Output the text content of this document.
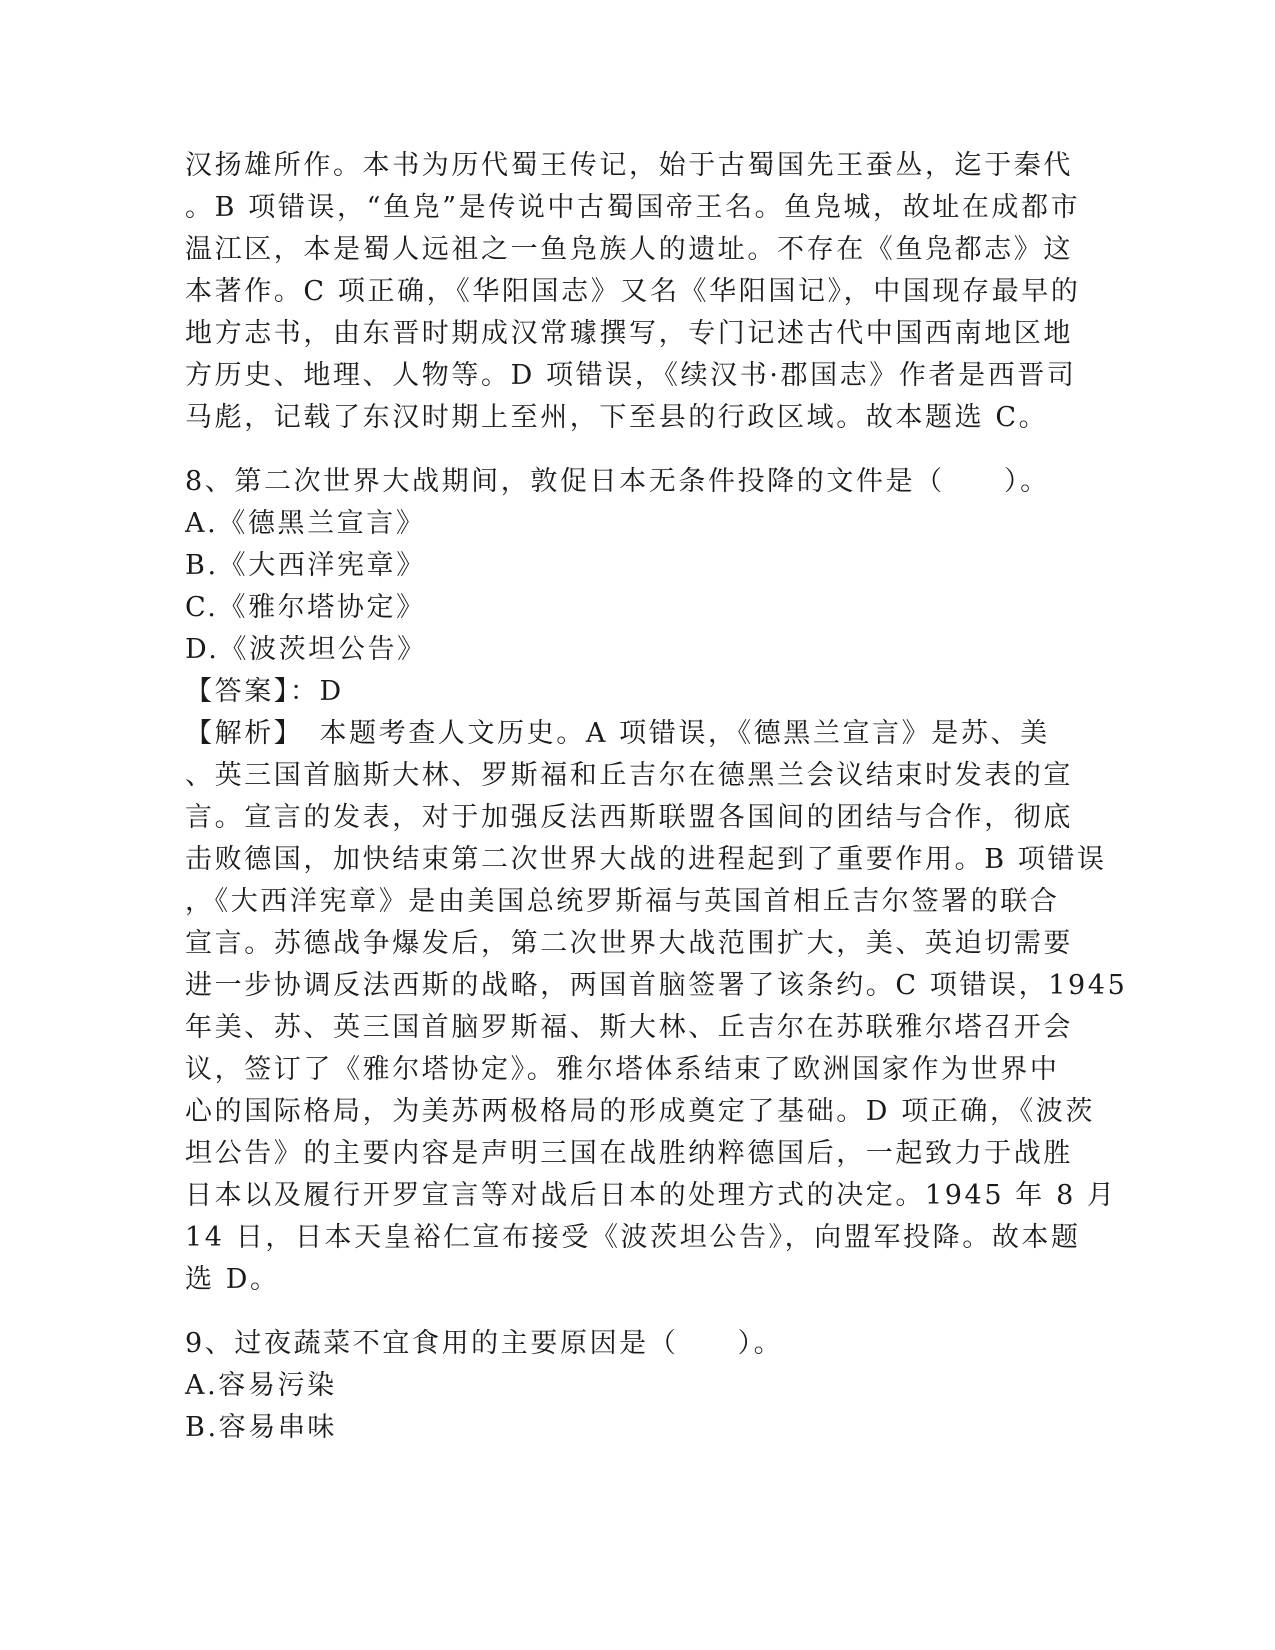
汉扬雄所作。本书为历代蜀王传记，始于古蜀国先王蚕丛，迄于秦代
。B 项错误，“鱼凫”是传说中古蜀国帝王名。鱼凫城，故址在成都市
温江区，本是蜀人远祖之一鱼凫族人的遗址。不存在《鱼凫都志》这
本著作。C 项正确，《华阳国志》又名《华阳国记》，中国现存最早的
地方志书，由东晋时期成汉常璩撰写，专门记述古代中国西南地区地
方历史、地理、人物等。D 项错误，《续汉书·郡国志》作者是西晋司
马彪，记载了东汉时期上至州，下至县的行政区域。故本题选 C。
8、第二次世界大战期间，敦促日本无条件投降的文件是（　　）。
A.《德黑兰宣言》
B.《大西洋宪章》
C.《雅尔塔协定》
D.《波茨坦公告》
【答案】：D
【解析】　本题考查人文历史。A 项错误，《德黑兰宣言》是苏、美
、英三国首脑斯大林、罗斯福和丘吉尔在德黑兰会议结束时发表的宣
言。宣言的发表，对于加强反法西斯联盟各国间的团结与合作，彻底
击败德国，加快结束第二次世界大战的进程起到了重要作用。B 项错误
，《大西洋宪章》是由美国总统罗斯福与英国首相丘吉尔签署的联合
宣言。苏德战争爆发后，第二次世界大战范围扩大，美、英迫切需要
进一步协调反法西斯的战略，两国首脑签署了该条约。C 项错误，1945
年美、苏、英三国首脑罗斯福、斯大林、丘吉尔在苏联雅尔塔召开会
议，签订了《雅尔塔协定》。雅尔塔体系结束了欧洲国家作为世界中
心的国际格局，为美苏两极格局的形成奠定了基础。D 项正确，《波茨
坦公告》的主要内容是声明三国在战胜纳粹德国后，一起致力于战胜
日本以及履行开罗宣言等对战后日本的处理方式的决定。1945 年 8 月
14 日，日本天皇裕仁宣布接受《波茨坦公告》，向盟军投降。故本题
选 D。
9、过夜蔬菜不宜食用的主要原因是（　　）。
A.容易污染
B.容易串味
